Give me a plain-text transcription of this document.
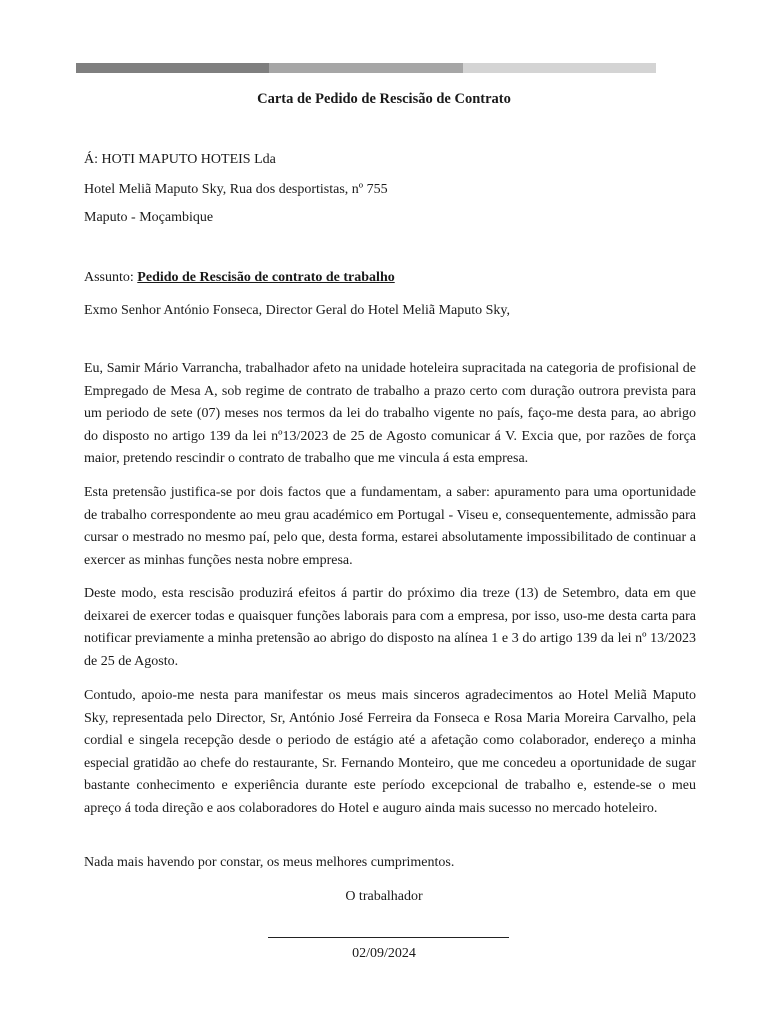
Carta de Pedido de Rescisão de Contrato
Á: HOTI MAPUTO HOTEIS Lda
Hotel Meliã Maputo Sky, Rua dos desportistas, nº 755
Maputo - Moçambique
Assunto: Pedido de Rescisão de contrato de trabalho
Exmo Senhor António Fonseca, Director Geral do Hotel Meliã Maputo Sky,

Eu, Samir Mário Varrancha, trabalhador afeto na unidade hoteleira supracitada na categoria de profisional de Empregado de Mesa A, sob regime de contrato de trabalho a prazo certo com duração outrora prevista para um periodo de sete (07) meses nos termos da lei do trabalho vigente no país, faço-me desta para, ao abrigo do disposto no artigo 139 da lei nº13/2023 de 25 de Agosto comunicar á V. Excia que, por razões de força maior, pretendo rescindir o contrato de trabalho que me vincula á esta empresa.

Esta pretensão justifica-se por dois factos que a fundamentam, a saber: apuramento para uma oportunidade de trabalho correspondente ao meu grau académico em Portugal - Viseu e, consequentemente, admissão para cursar o mestrado no mesmo paí, pelo que, desta forma, estarei absolutamente impossibilitado de continuar a exercer as minhas funções nesta nobre empresa.

Deste modo, esta rescisão produzirá efeitos á partir do próximo dia treze (13) de Setembro, data em que deixarei de exercer todas e quaisquer funções laborais para com a empresa, por isso, uso-me desta carta para notificar previamente a minha pretensão ao abrigo do disposto na alínea 1 e 3 do artigo 139 da lei nº 13/2023 de 25 de Agosto.

Contudo, apoio-me nesta para manifestar os meus mais sinceros agradecimentos ao Hotel Meliã Maputo Sky, representada pelo Director, Sr, António José Ferreira da Fonseca e Rosa Maria Moreira Carvalho, pela cordial e singela recepção desde o periodo de estágio até a afetação como colaborador, endereço a minha especial gratidão ao chefe do restaurante, Sr. Fernando Monteiro, que me concedeu a oportunidade de sugar bastante conhecimento e experiência durante este período excepcional de trabalho e, estende-se o meu apreço á toda direção e aos colaboradores do Hotel e auguro ainda mais sucesso no mercado hoteleiro.

Nada mais havendo por constar, os meus melhores cumprimentos.
O trabalhador
02/09/2024
